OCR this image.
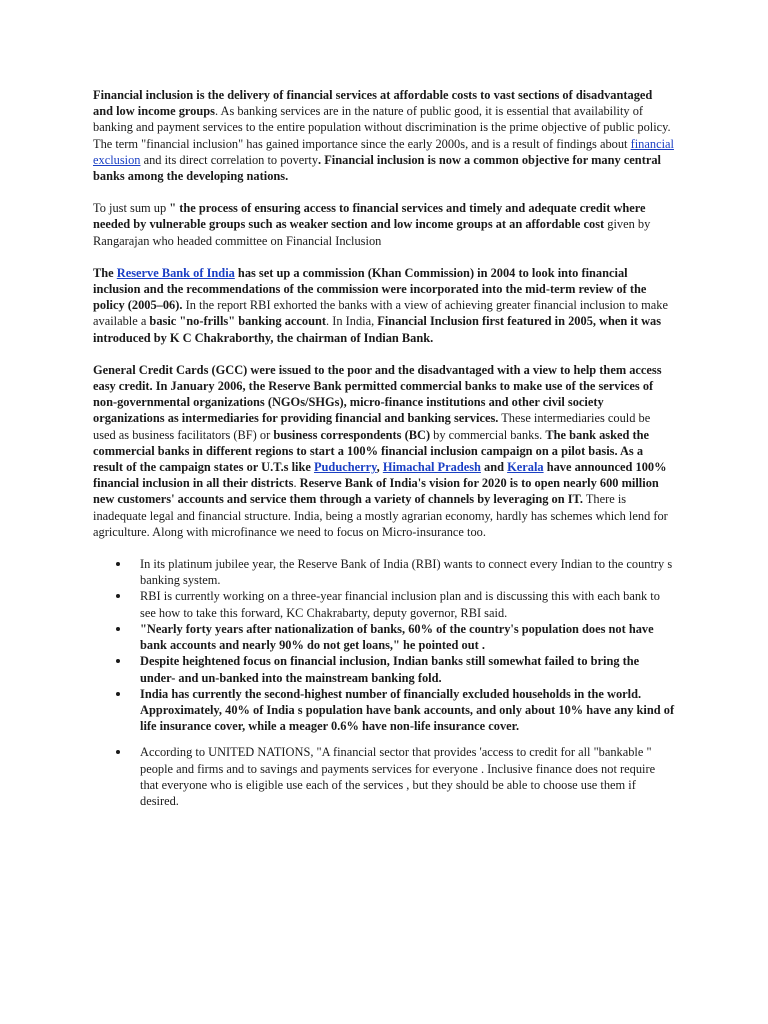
Financial inclusion is the delivery of financial services at affordable costs to vast sections of disadvantaged and low income groups. As banking services are in the nature of public good, it is essential that availability of banking and payment services to the entire population without discrimination is the prime objective of public policy. The term "financial inclusion" has gained importance since the early 2000s, and is a result of findings about financial exclusion and its direct correlation to poverty. Financial inclusion is now a common objective for many central banks among the developing nations.

To just sum up " the process of ensuring access to financial services and timely and adequate credit where needed by vulnerable groups such as weaker section and low income groups at an affordable cost given by Rangarajan who headed committee on Financial Inclusion

The Reserve Bank of India has set up a commission (Khan Commission) in 2004 to look into financial inclusion and the recommendations of the commission were incorporated into the mid-term review of the policy (2005–06). In the report RBI exhorted the banks with a view of achieving greater financial inclusion to make available a basic "no-frills" banking account. In India, Financial Inclusion first featured in 2005, when it was introduced by K C Chakraborthy, the chairman of Indian Bank.

General Credit Cards (GCC) were issued to the poor and the disadvantaged with a view to help them access easy credit. In January 2006, the Reserve Bank permitted commercial banks to make use of the services of non-governmental organizations (NGOs/SHGs), micro-finance institutions and other civil society organizations as intermediaries for providing financial and banking services. These intermediaries could be used as business facilitators (BF) or business correspondents (BC) by commercial banks. The bank asked the commercial banks in different regions to start a 100% financial inclusion campaign on a pilot basis. As a result of the campaign states or U.T.s like Puducherry, Himachal Pradesh and Kerala have announced 100% financial inclusion in all their districts. Reserve Bank of India's vision for 2020 is to open nearly 600 million new customers' accounts and service them through a variety of channels by leveraging on IT. There is inadequate legal and financial structure. India, being a mostly agrarian economy, hardly has schemes which lend for agriculture. Along with microfinance we need to focus on Micro-insurance too.

In its platinum jubilee year, the Reserve Bank of India (RBI) wants to connect every Indian to the country s banking system.
RBI is currently working on a three-year financial inclusion plan and is discussing this with each bank to see how to take this forward, KC Chakrabarty, deputy governor, RBI said.
"Nearly forty years after nationalization of banks, 60% of the country's population does not have bank accounts and nearly 90% do not get loans," he pointed out .
Despite heightened focus on financial inclusion, Indian banks still somewhat failed to bring the under- and un-banked into the mainstream banking fold.
India has currently the second-highest number of financially excluded households in the world. Approximately, 40% of India s population have bank accounts, and only about 10% have any kind of life insurance cover, while a meager 0.6% have non-life insurance cover.
According to UNITED NATIONS, "A financial sector that provides 'access to credit for all "bankable " people and firms and to savings and payments services for everyone . Inclusive finance does not require that everyone who is eligible use each of the services , but they should be able to choose use them if desired.
